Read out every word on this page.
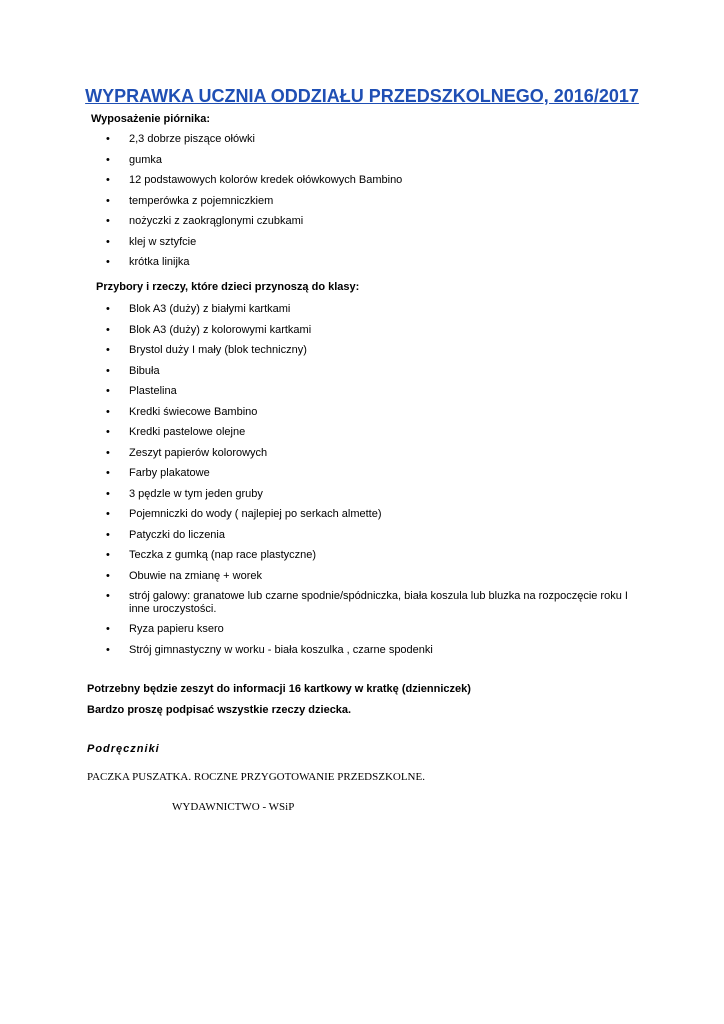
WYPRAWKA UCZNIA ODDZIAŁU PRZEDSZKOLNEGO, 2016/2017
Wyposażenie piórnika:
• 2,3 dobrze piszące ołówki
• gumka
• 12 podstawowych kolorów kredek ołówkowych Bambino
• temperówka z pojemniczkiem
• nożyczki z zaokrąglonymi czubkami
• klej w sztyfcie
• krótka linijka
Przybory i rzeczy, które dzieci przynoszą do klasy:
• Blok A3 (duży) z białymi kartkami
• Blok A3 (duży) z kolorowymi kartkami
• Brystol duży I mały (blok techniczny)
• Bibuła
• Plastelina
• Kredki świecowe Bambino
• Kredki pastelowe olejne
• Zeszyt papierów kolorowych
• Farby plakatowe
• 3 pędzle w tym jeden gruby
• Pojemniczki do wody ( najlepiej po serkach almette)
• Patyczki do liczenia
• Teczka z gumką (nap race plastyczne)
• Obuwie na zmianę + worek
• strój galowy: granatowe lub czarne spodnie/spódniczka, biała koszula lub bluzka na rozpoczęcie roku I inne uroczystości.
• Ryza papieru ksero
• Strój gimnastyczny w worku - biała koszulka , czarne spodenki
Potrzebny będzie zeszyt do informacji 16 kartkowy w kratkę (dzienniczek)
Bardzo proszę podpisać wszystkie rzeczy dziecka.
Podręczniki
PACZKA PUSZATKA. ROCZNE PRZYGOTOWANIE PRZEDSZKOLNE.
WYDAWNICTWO - WSiP
